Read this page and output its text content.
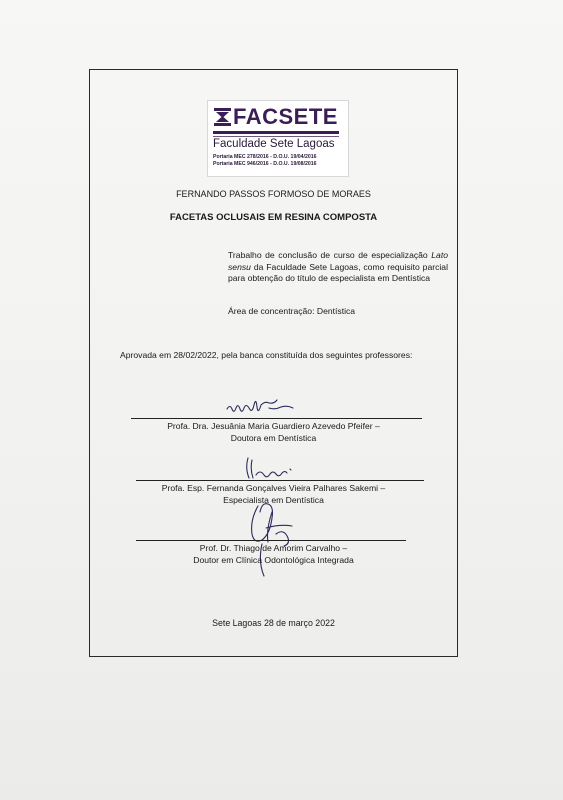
FACSETE
Faculdade Sete Lagoas
Portaria MEC 278/2016 - D.O.U. 19/04/2016
Portaria MEC 946/2016 - D.O.U. 19/08/2016
FERNANDO PASSOS FORMOSO DE MORAES
FACETAS OCLUSAIS EM RESINA COMPOSTA
Trabalho de conclusão de curso de especialização Lato sensu da Faculdade Sete Lagoas, como requisito parcial para obtenção do título de especialista em Dentística
Área de concentração: Dentística
Aprovada em 28/02/2022, pela banca constituída dos seguintes professores:
Profa. Dra. Jesuânia Maria Guardiero Azevedo Pfeifer –
Doutora em Dentística
Profa. Esp. Fernanda Gonçalves Vieira Palhares Sakemi –
Especialista em Dentística
Prof. Dr. Thiago de Amorim Carvalho –
Doutor em Clínica Odontológica Integrada
Sete Lagoas 28 de março 2022
